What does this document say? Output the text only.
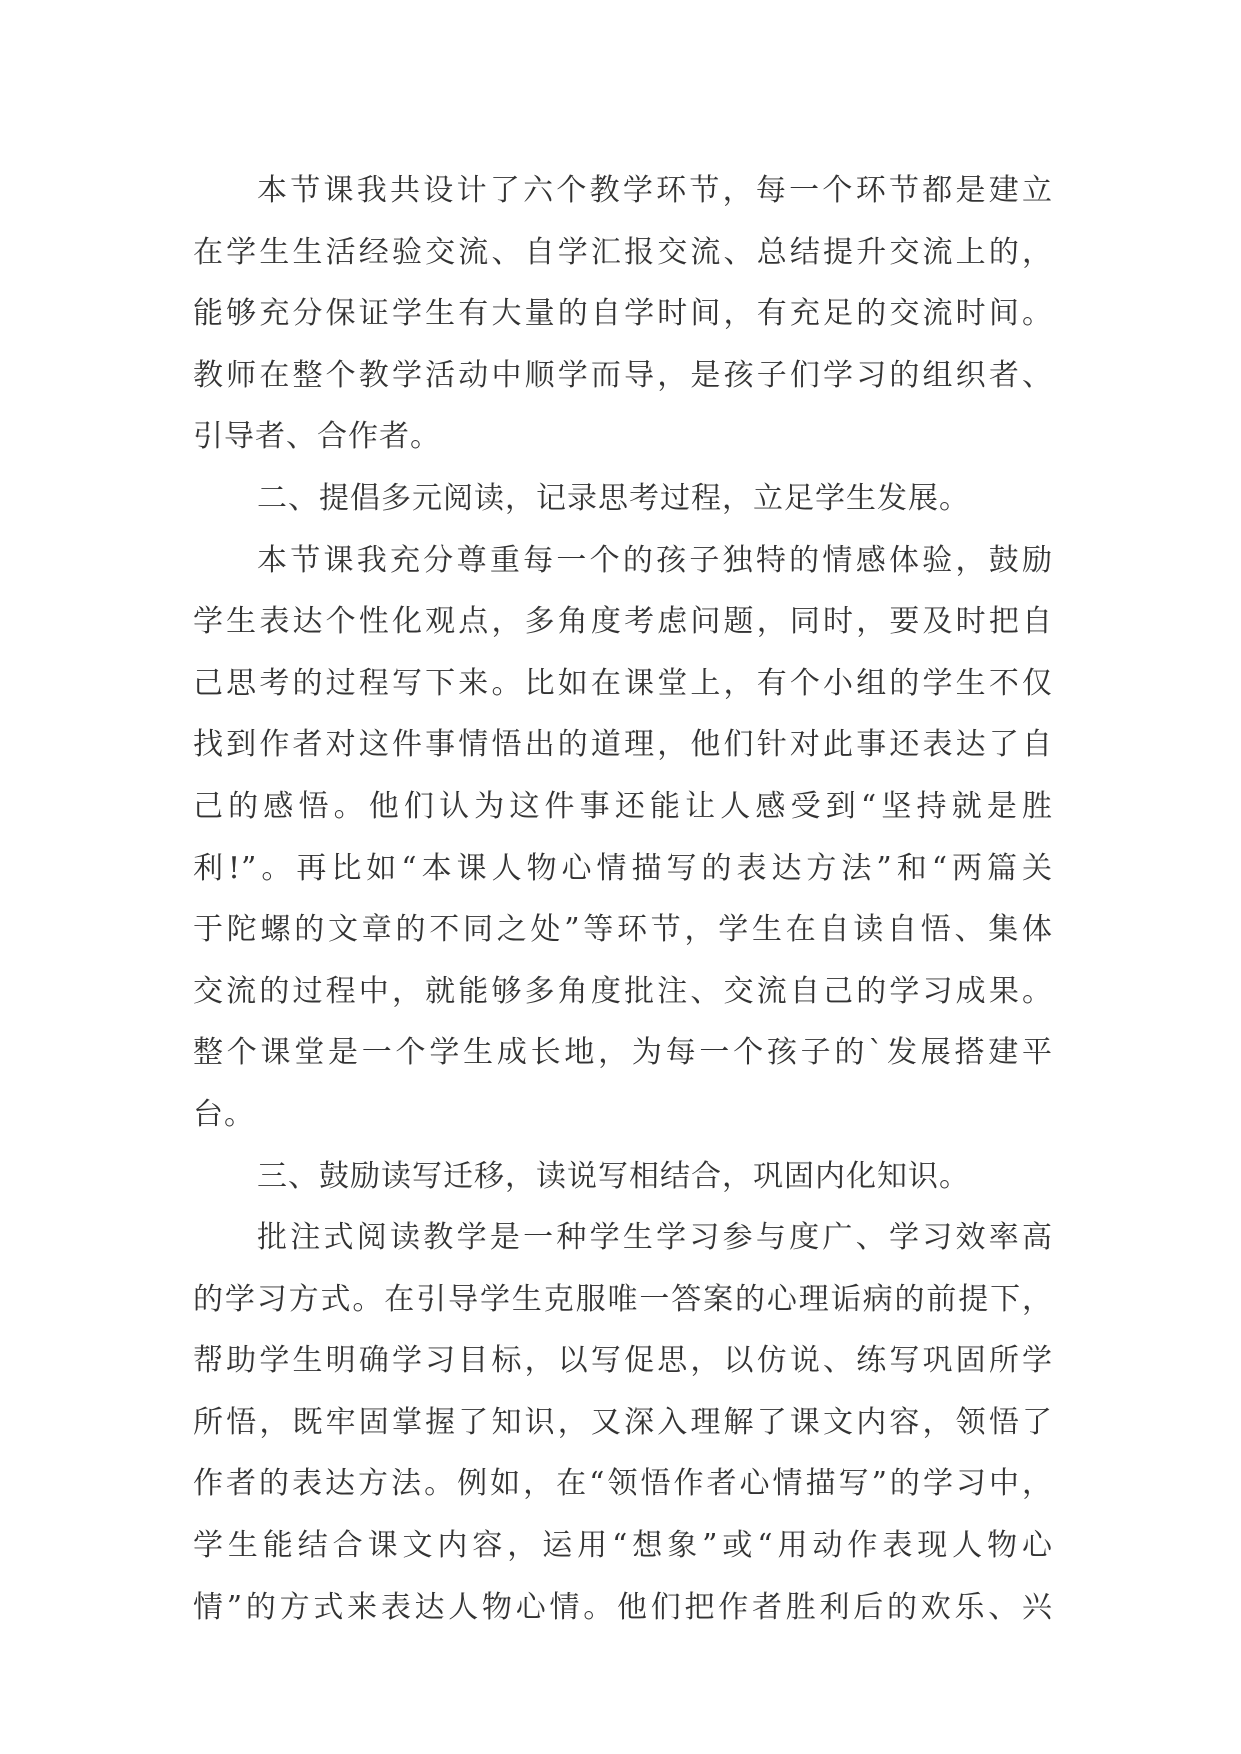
本节课我共设计了六个教学环节，每一个环节都是建立
在学生生活经验交流、自学汇报交流、总结提升交流上的，
能够充分保证学生有大量的自学时间，有充足的交流时间。
教师在整个教学活动中顺学而导，是孩子们学习的组织者、
引导者、合作者。
二、提倡多元阅读，记录思考过程，立足学生发展。
本节课我充分尊重每一个的孩子独特的情感体验，鼓励
学生表达个性化观点，多角度考虑问题，同时，要及时把自
己思考的过程写下来。比如在课堂上，有个小组的学生不仅
找到作者对这件事情悟出的道理，他们针对此事还表达了自
己的感悟。他们认为这件事还能让人感受到“坚持就是胜
利!”。再比如“本课人物心情描写的表达方法”和“两篇关
于陀螺的文章的不同之处”等环节，学生在自读自悟、集体
交流的过程中，就能够多角度批注、交流自己的学习成果。
整个课堂是一个学生成长地，为每一个孩子的`发展搭建平
台。
三、鼓励读写迁移，读说写相结合，巩固内化知识。
批注式阅读教学是一种学生学习参与度广、学习效率高
的学习方式。在引导学生克服唯一答案的心理诟病的前提下，
帮助学生明确学习目标，以写促思，以仿说、练写巩固所学
所悟，既牢固掌握了知识，又深入理解了课文内容，领悟了
作者的表达方法。例如，在“领悟作者心情描写”的学习中，
学生能结合课文内容，运用“想象”或“用动作表现人物心
情”的方式来表达人物心情。他们把作者胜利后的欢乐、兴
